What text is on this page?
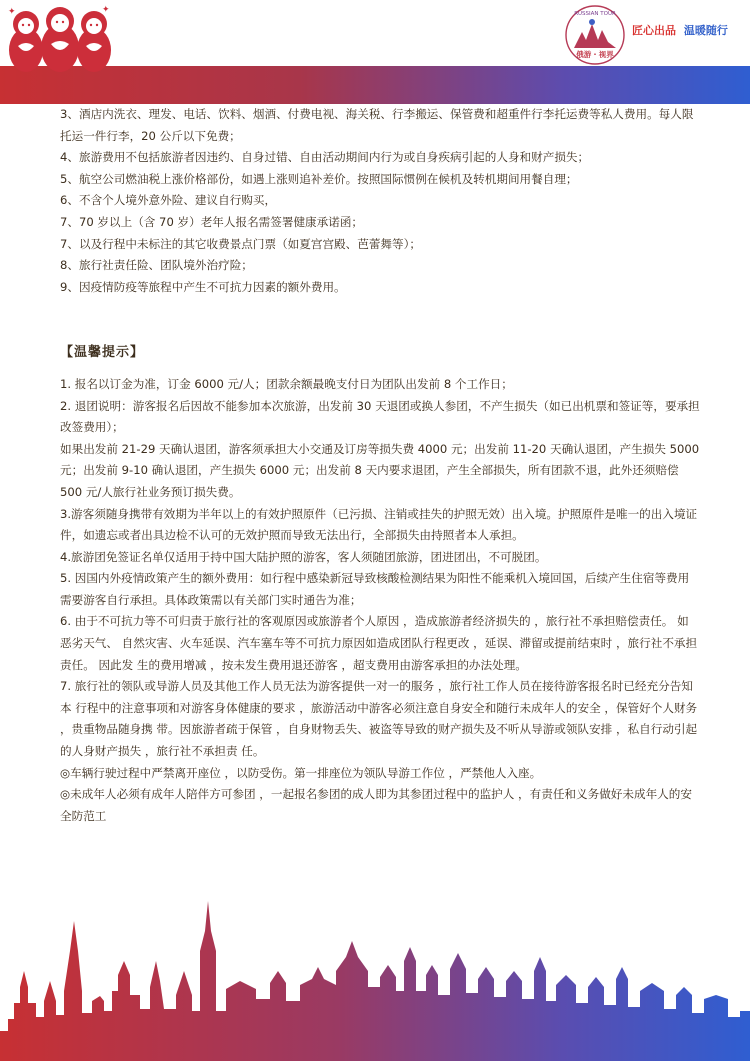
✦	✦	RUSSIAN TOUR
俄游・视界
匠心出品 温暖随行

3、酒店内洗衣、理发、电话、饮料、烟酒、付费电视、海关税、行李搬运、保管费和超重件行李托运费等私人费用。每人限托运一件行李，20 公斤以下免费；

4、旅游费用不包括旅游者因违约、自身过错、自由活动期间内行为或自身疾病引起的人身和财产损失；

5、航空公司燃油税上涨价格部份，如遇上涨则追补差价。按照国际惯例在候机及转机期间用餐自理；

6、不含个人境外意外险、建议自行购买，

7、70 岁以上（含 70 岁）老年人报名需签署健康承诺函；

7、以及行程中未标注的其它收费景点门票（如夏宫宫殿、芭蕾舞等）；

8、旅行社责任险、团队境外治疗险；

9、因疫情防疫等旅程中产生不可抗力因素的额外费用。

【温馨提示】

1. 报名以订金为准，订金 6000 元/人；团款余额最晚支付日为团队出发前 8 个工作日；

2. 退团说明：游客报名后因故不能参加本次旅游，出发前 30 天退团或换人参团，不产生损失（如已出机票和签证等，要承担改签费用）；

如果出发前 21-29 天确认退团，游客须承担大小交通及订房等损失费 4000 元；出发前 11-20 天确认退团，产生损失 5000 元；出发前 9-10 确认退团，产生损失 6000 元；出发前 8 天内要求退团，产生全部损失，所有团款不退，此外还须赔偿 500 元/人旅行社业务预订损失费。

3.游客须随身携带有效期为半年以上的有效护照原件（已污损、注销或挂失的护照无效）出入境。护照原件是唯一的出入境证件，如遗忘或者出具边检不认可的无效护照而导致无法出行，全部损失由持照者本人承担。

4.旅游团免签证名单仅适用于持中国大陆护照的游客，客人须随团旅游，团进团出，不可脱团。

5. 因国内外疫情政策产生的额外费用：如行程中感染新冠导致核酸检测结果为阳性不能乘机入境回国，后续产生住宿等费用需要游客自行承担。具体政策需以有关部门实时通告为准；

6. 由于不可抗力等不可归责于旅行社的客观原因或旅游者个人原因 ，造成旅游者经济损失的 ，旅行社不承担赔偿责任。 如恶劣天气、 自然灾害、火车延误、汽车塞车等不可抗力原因如造成团队行程更改 ，延误、滞留或提前结束时 ，旅行社不承担责任。 因此发 生的费用增减 ，按未发生费用退还游客 ，超支费用由游客承担的办法处理。

7. 旅行社的领队或导游人员及其他工作人员无法为游客提供一对一的服务 ，旅行社工作人员在接待游客报名时已经充分告知本 行程中的注意事项和对游客身体健康的要求 ，旅游活动中游客必须注意自身安全和随行未成年人的安全 ，保管好个人财务 ，贵重物品随身携 带。因旅游者疏于保管 ，自身财物丢失、被盗等导致的财产损失及不听从导游或领队安排 ，私自行动引起的人身财产损失 ，旅行社不承担责 任。

◎车辆行驶过程中严禁离开座位 ，以防受伤。第一排座位为领队导游工作位 ，严禁他人入座。

◎未成年人必须有成年人陪伴方可参团 ，一起报名参团的成人即为其参团过程中的监护人 ，有责任和义务做好未成年人的安全防范工
